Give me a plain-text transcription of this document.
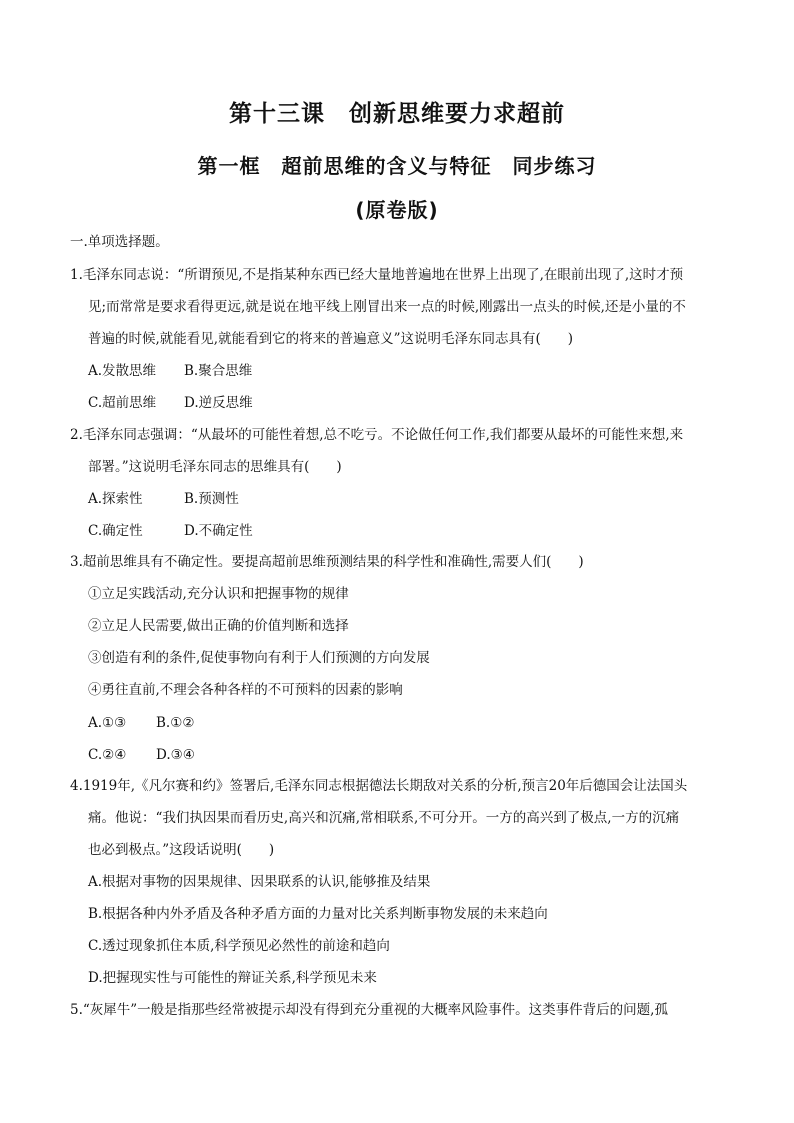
第十三课　创新思维要力求超前
第一框　超前思维的含义与特征　同步练习
(原卷版)
一.单项选择题。
1.毛泽东同志说：“所谓预见,不是指某种东西已经大量地普遍地在世界上出现了,在眼前出现了,这时才预
见;而常常是要求看得更远,就是说在地平线上刚冒出来一点的时候,刚露出一点头的时候,还是小量的不
普遍的时候,就能看见,就能看到它的将来的普遍意义”这说明毛泽东同志具有(　　)
A.发散思维 B.聚合思维
C.超前思维 D.逆反思维
2.毛泽东同志强调：“从最坏的可能性着想,总不吃亏。不论做任何工作,我们都要从最坏的可能性来想,来
部署。”这说明毛泽东同志的思维具有(　　)
A.探索性	B.预测性
C.确定性	D.不确定性
3.超前思维具有不确定性。要提高超前思维预测结果的科学性和准确性,需要人们(　　)
①立足实践活动,充分认识和把握事物的规律
②立足人民需要,做出正确的价值判断和选择
③创造有利的条件,促使事物向有利于人们预测的方向发展
④勇往直前,不理会各种各样的不可预料的因素的影响
A.①③ B.①②
C.②④ D.③④
4.1919年,《凡尔赛和约》签署后,毛泽东同志根据德法长期敌对关系的分析,预言20年后德国会让法国头
痛。他说：“我们执因果而看历史,高兴和沉痛,常相联系,不可分开。一方的高兴到了极点,一方的沉痛
也必到极点。”这段话说明(　　)
A.根据对事物的因果规律、因果联系的认识,能够推及结果
B.根据各种内外矛盾及各种矛盾方面的力量对比关系判断事物发展的未来趋向
C.透过现象抓住本质,科学预见必然性的前途和趋向
D.把握现实性与可能性的辩证关系,科学预见未来
5.“灰犀牛”一般是指那些经常被提示却没有得到充分重视的大概率风险事件。这类事件背后的问题,孤
